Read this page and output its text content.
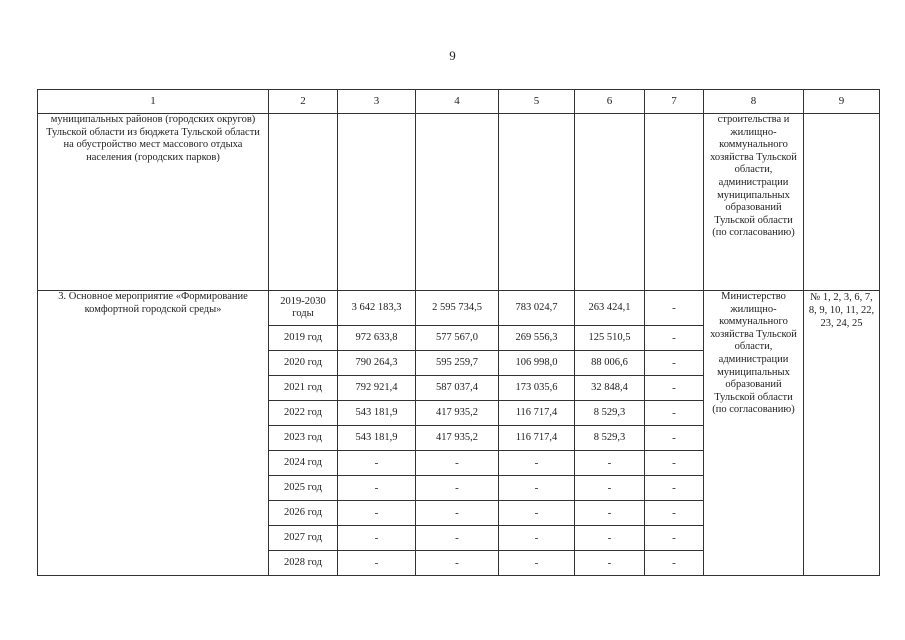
9
1	2	3	4	5	6	7	8	9
муниципальных районов (городских округов) Тульской области из бюджета Тульской области на обустройство мест массового отдыха населения (городских парков)							строительства и жилищно-коммунального хозяйства Тульской области, администрации муниципальных образований Тульской области (по согласованию)	
3. Основное мероприятие «Формирование комфортной городской среды»	2019-2030 годы	3 642 183,3	2 595 734,5	783 024,7	263 424,1	-	Министерство жилищно-коммунального хозяйства Тульской области, администрации муниципальных образований Тульской области (по согласованию)	№ 1, 2, 3, 6, 7, 8, 9, 10, 11, 22, 23, 24, 25
	2019 год	972 633,8	577 567,0	269 556,3	125 510,5	-		
	2020 год	790 264,3	595 259,7	106 998,0	88 006,6	-		
	2021 год	792 921,4	587 037,4	173 035,6	32 848,4	-		
	2022 год	543 181,9	417 935,2	116 717,4	8 529,3	-		
	2023 год	543 181,9	417 935,2	116 717,4	8 529,3	-		
	2024 год	-	-	-	-	-		
	2025 год	-	-	-	-	-		
	2026 год	-	-	-	-	-		
	2027 год	-	-	-	-	-		
	2028 год	-	-	-	-	-		
